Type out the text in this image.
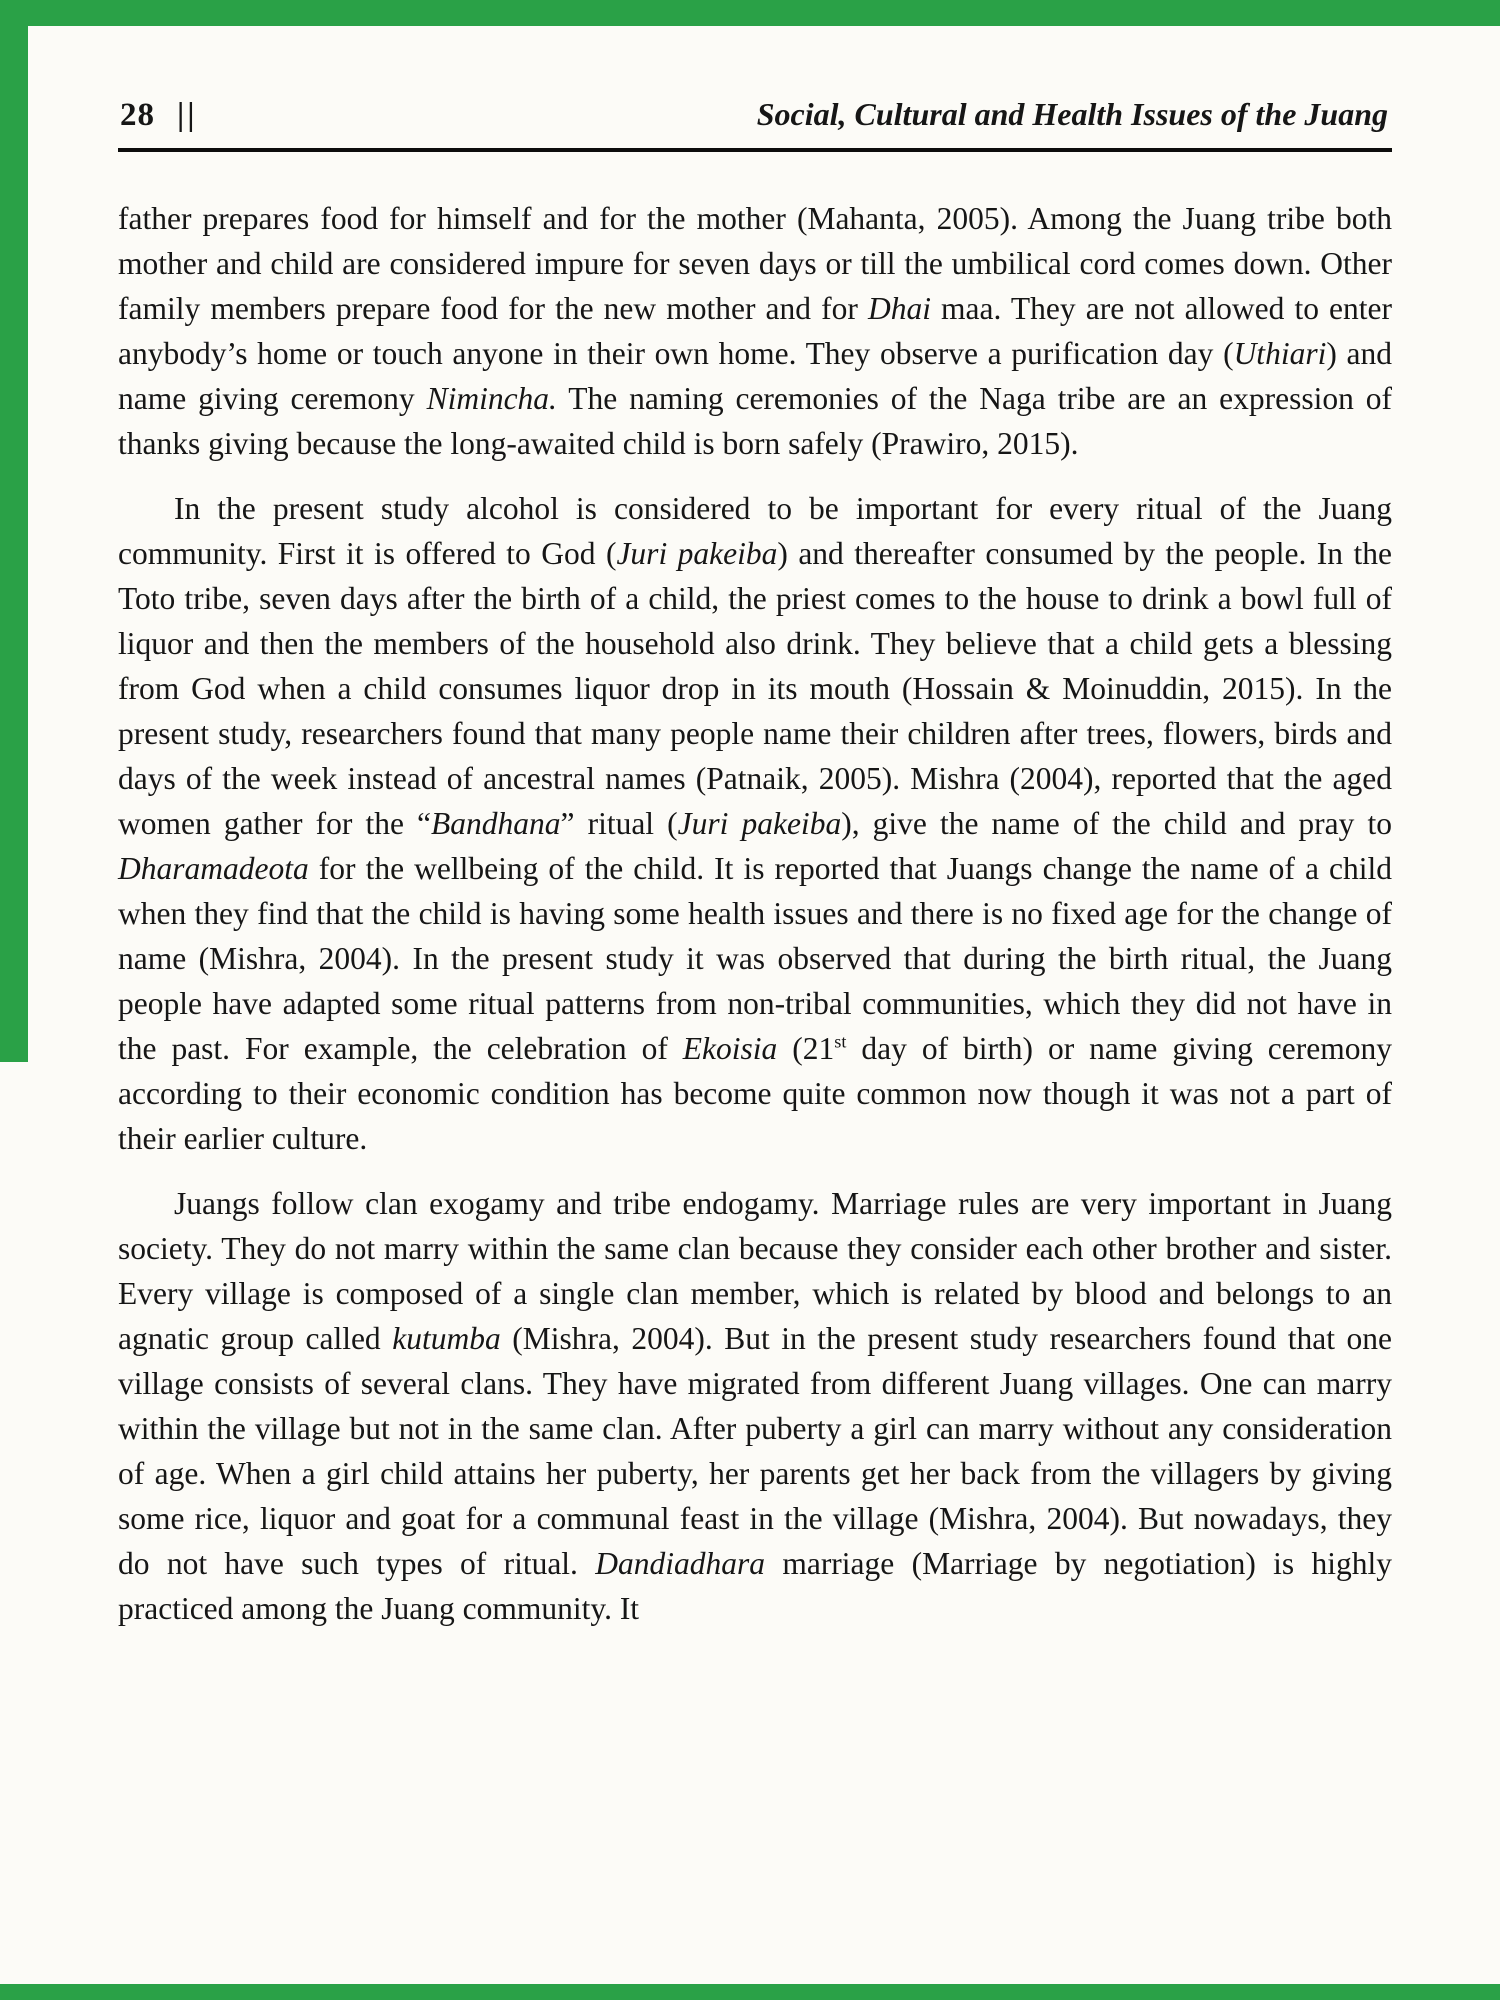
28 ||	Social, Cultural and Health Issues of the Juang

father prepares food for himself and for the mother (Mahanta, 2005). Among the Juang tribe both mother and child are considered impure for seven days or till the umbilical cord comes down. Other family members prepare food for the new mother and for Dhai maa. They are not allowed to enter anybody’s home or touch anyone in their own home. They observe a purification day (Uthiari) and name giving ceremony Nimincha. The naming ceremonies of the Naga tribe are an expression of thanks giving because the long-awaited child is born safely (Prawiro, 2015).

In the present study alcohol is considered to be important for every ritual of the Juang community. First it is offered to God (Juri pakeiba) and thereafter consumed by the people. In the Toto tribe, seven days after the birth of a child, the priest comes to the house to drink a bowl full of liquor and then the members of the household also drink. They believe that a child gets a blessing from God when a child consumes liquor drop in its mouth (Hossain & Moinuddin, 2015). In the present study, researchers found that many people name their children after trees, flowers, birds and days of the week instead of ancestral names (Patnaik, 2005). Mishra (2004), reported that the aged women gather for the “Bandhana” ritual (Juri pakeiba), give the name of the child and pray to Dharamadeota for the wellbeing of the child. It is reported that Juangs change the name of a child when they find that the child is having some health issues and there is no fixed age for the change of name (Mishra, 2004). In the present study it was observed that during the birth ritual, the Juang people have adapted some ritual patterns from non-tribal communities, which they did not have in the past. For example, the celebration of Ekoisia (21st day of birth) or name giving ceremony according to their economic condition has become quite common now though it was not a part of their earlier culture.

Juangs follow clan exogamy and tribe endogamy. Marriage rules are very important in Juang society. They do not marry within the same clan because they consider each other brother and sister. Every village is composed of a single clan member, which is related by blood and belongs to an agnatic group called kutumba (Mishra, 2004). But in the present study researchers found that one village consists of several clans. They have migrated from different Juang villages. One can marry within the village but not in the same clan. After puberty a girl can marry without any consideration of age. When a girl child attains her puberty, her parents get her back from the villagers by giving some rice, liquor and goat for a communal feast in the village (Mishra, 2004). But nowadays, they do not have such types of ritual. Dandiadhara marriage (Marriage by negotiation) is highly practiced among the Juang community. It
